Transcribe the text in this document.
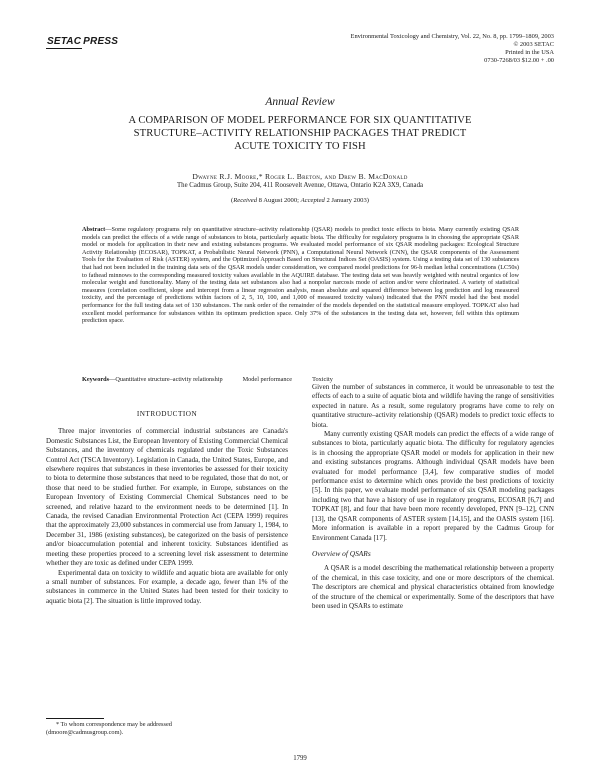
SETAC PRESS	Environmental Toxicology and Chemistry, Vol. 22, No. 8, pp. 1799–1809, 2003
© 2003 SETAC
Printed in the USA
0730-7268/03 $12.00 + .00
Annual Review
A COMPARISON OF MODEL PERFORMANCE FOR SIX QUANTITATIVE
STRUCTURE–ACTIVITY RELATIONSHIP PACKAGES THAT PREDICT
ACUTE TOXICITY TO FISH
Dwayne R.J. Moore,* Roger L. Breton, and Drew B. MacDonald
The Cadmus Group, Suite 204, 411 Roosevelt Avenue, Ottawa, Ontario K2A 3X9, Canada
(Received 8 August 2000; Accepted 2 January 2003)
Abstract—Some regulatory programs rely on quantitative structure–activity relationship (QSAR) models to predict toxic effects to biota. Many currently existing QSAR models can predict the effects of a wide range of substances to biota, particularly aquatic biota. The difficulty for regulatory programs is in choosing the appropriate QSAR model or models for application in their new and existing substances programs. We evaluated model performance of six QSAR modeling packages: Ecological Structure Activity Relationship (ECOSAR), TOPKAT, a Probabilistic Neural Network (PNN), a Computational Neural Network (CNN), the QSAR components of the Assessment Tools for the Evaluation of Risk (ASTER) system, and the Optimized Approach Based on Structural Indices Set (OASIS) system. Using a testing data set of 130 substances that had not been included in the training data sets of the QSAR models under consideration, we compared model predictions for 96-h median lethal concentrations (LC50s) to fathead minnows to the corresponding measured toxicity values available in the AQUIRE database. The testing data set was heavily weighted with neutral organics of low molecular weight and functionality. Many of the testing data set substances also had a nonpolar narcosis mode of action and/or were chlorinated. A variety of statistical measures (correlation coefficient, slope and intercept from a linear regression analysis, mean absolute and squared difference between log prediction and log measured toxicity, and the percentage of predictions within factors of 2, 5, 10, 100, and 1,000 of measured toxicity values) indicated that the PNN model had the best model performance for the full testing data set of 130 substances. The rank order of the remainder of the models depended on the statistical measure employed. TOPKAT also had excellent model performance for substances within its optimum prediction space. Only 37% of the substances in the testing data set, however, fell within this optimum prediction space.
Keywords—Quantitative structure–activity relationship	Model performance	Toxicity
INTRODUCTION

Three major inventories of commercial industrial substances are Canada's Domestic Substances List, the European Inventory of Existing Commercial Chemical Substances, and the inventory of chemicals regulated under the Toxic Substances Control Act (TSCA Inventory). Legislation in Canada, the United States, Europe, and elsewhere requires that substances in these inventories be assessed for their toxicity to biota to determine those substances that need to be regulated, those that do not, or those that need to be studied further. For example, in Europe, substances on the European Inventory of Existing Commercial Chemical Substances need to be screened, and relative hazard to the environment needs to be determined [1]. In Canada, the revised Canadian Environmental Protection Act (CEPA 1999) requires that the approximately 23,000 substances in commercial use from January 1, 1984, to December 31, 1986 (existing substances), be categorized on the basis of persistence and/or bioaccumulation potential and inherent toxicity. Substances identified as meeting these properties proceed to a screening level risk assessment to determine whether they are toxic as defined under CEPA 1999.

Experimental data on toxicity to wildlife and aquatic biota are available for only a small number of substances. For example, a decade ago, fewer than 1% of the substances in commerce in the United States had been tested for their toxicity to aquatic biota [2]. The situation is little improved today.

Given the number of substances in commerce, it would be unreasonable to test the effects of each to a suite of aquatic biota and wildlife having the range of sensitivities expected in nature. As a result, some regulatory programs have come to rely on quantitative structure–activity relationship (QSAR) models to predict toxic effects to biota.

Many currently existing QSAR models can predict the effects of a wide range of substances to biota, particularly aquatic biota. The difficulty for regulatory agencies is in choosing the appropriate QSAR model or models for application in their new and existing substances programs. Although individual QSAR models have been evaluated for model performance [3,4], few comparative studies of model performance exist to determine which ones provide the best predictions of toxicity [5]. In this paper, we evaluate model performance of six QSAR modeling packages including two that have a history of use in regulatory programs, ECOSAR [6,7] and TOPKAT [8], and four that have been more recently developed, PNN [9–12], CNN [13], the QSAR components of ASTER system [14,15], and the OASIS system [16]. More information is available in a report prepared by the Cadmus Group for Environment Canada [17].

Overview of QSARs

A QSAR is a model describing the mathematical relationship between a property of the chemical, in this case toxicity, and one or more descriptors of the chemical. The descriptors are chemical and physical characteristics obtained from knowledge of the structure of the chemical or experimentally. Some of the descriptors that have been used in QSARs to estimate

* To whom correspondence may be addressed

(dmoore@cadmusgroup.com).

1799
